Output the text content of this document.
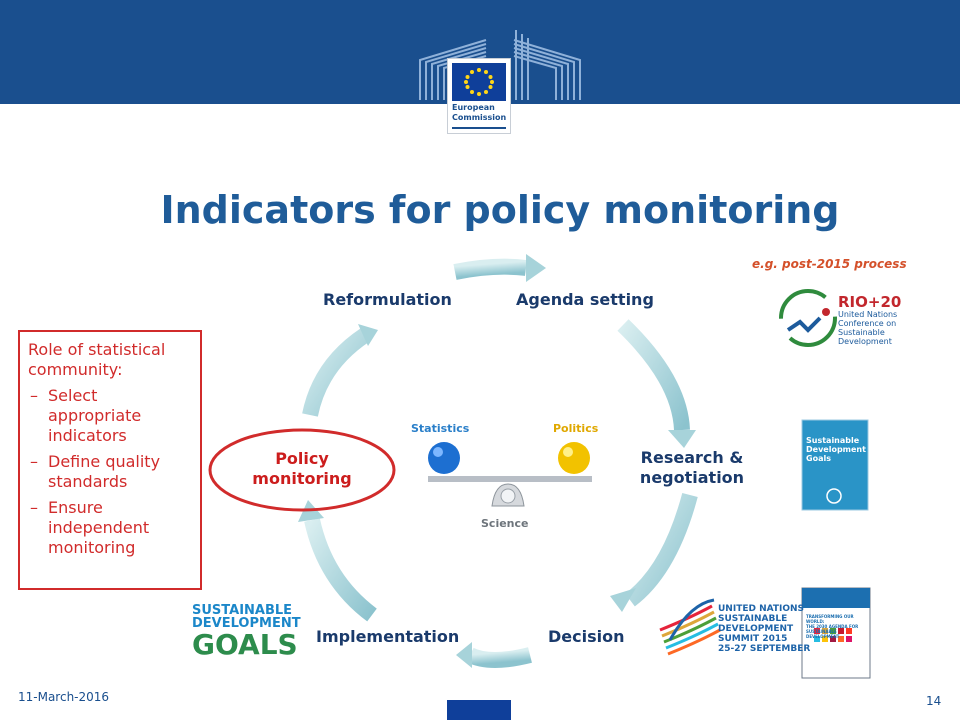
European
Commission
Indicators for policy monitoring
e.g. post-2015 process
Reformulation	Agenda setting
Research &
negotiation
Decision
Implementation
Policy
monitoring
Statistics	Politics
Science
Role of statistical community:
– Select appropriate indicators
– Define quality standards
– Ensure independent monitoring
RIO+20
United Nations
Conference on
Sustainable
Development
Sustainable
Development
Goals
TRANSFORMING OUR WORLD:
THE 2030 AGENDA FOR
SUSTAINABLE DEVELOPMENT
UNITED NATIONS
SUSTAINABLE
DEVELOPMENT
SUMMIT 2015
25-27 SEPTEMBER
SUSTAINABLE
DEVELOPMENT
GOALS
11-March-2016	14
